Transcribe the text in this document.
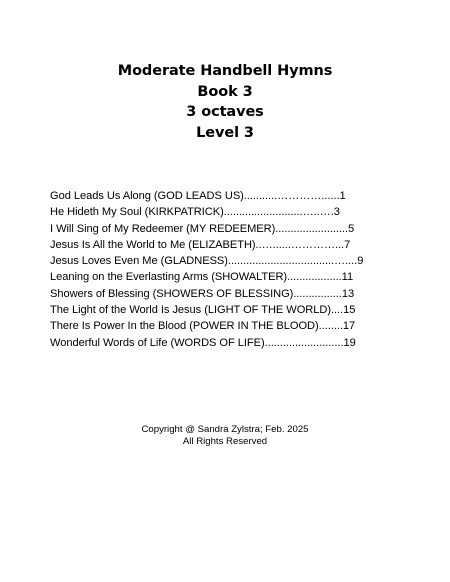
Moderate Handbell Hymns
Book 3
3 octaves
Level 3
God Leads Us Along (GOD LEADS US)...........…………......1
He Hideth My Soul (KIRKPATRICK)..........................…..….3
I Will Sing of My Redeemer (MY REDEEMER)........................5
Jesus Is All the World to Me (ELIZABETH)..…......…………...7
Jesus Loves Even Me (GLADNESS)...................................…....9
Leaning on the Everlasting Arms (SHOWALTER)..................11
Showers of Blessing (SHOWERS OF BLESSING)................13
The Light of the World Is Jesus (LIGHT OF THE WORLD)....15
There Is Power In the Blood (POWER IN THE BLOOD)........17
Wonderful Words of Life (WORDS OF LIFE)..........................19
Copyright @ Sandra Zylstra; Feb. 2025
All Rights Reserved
